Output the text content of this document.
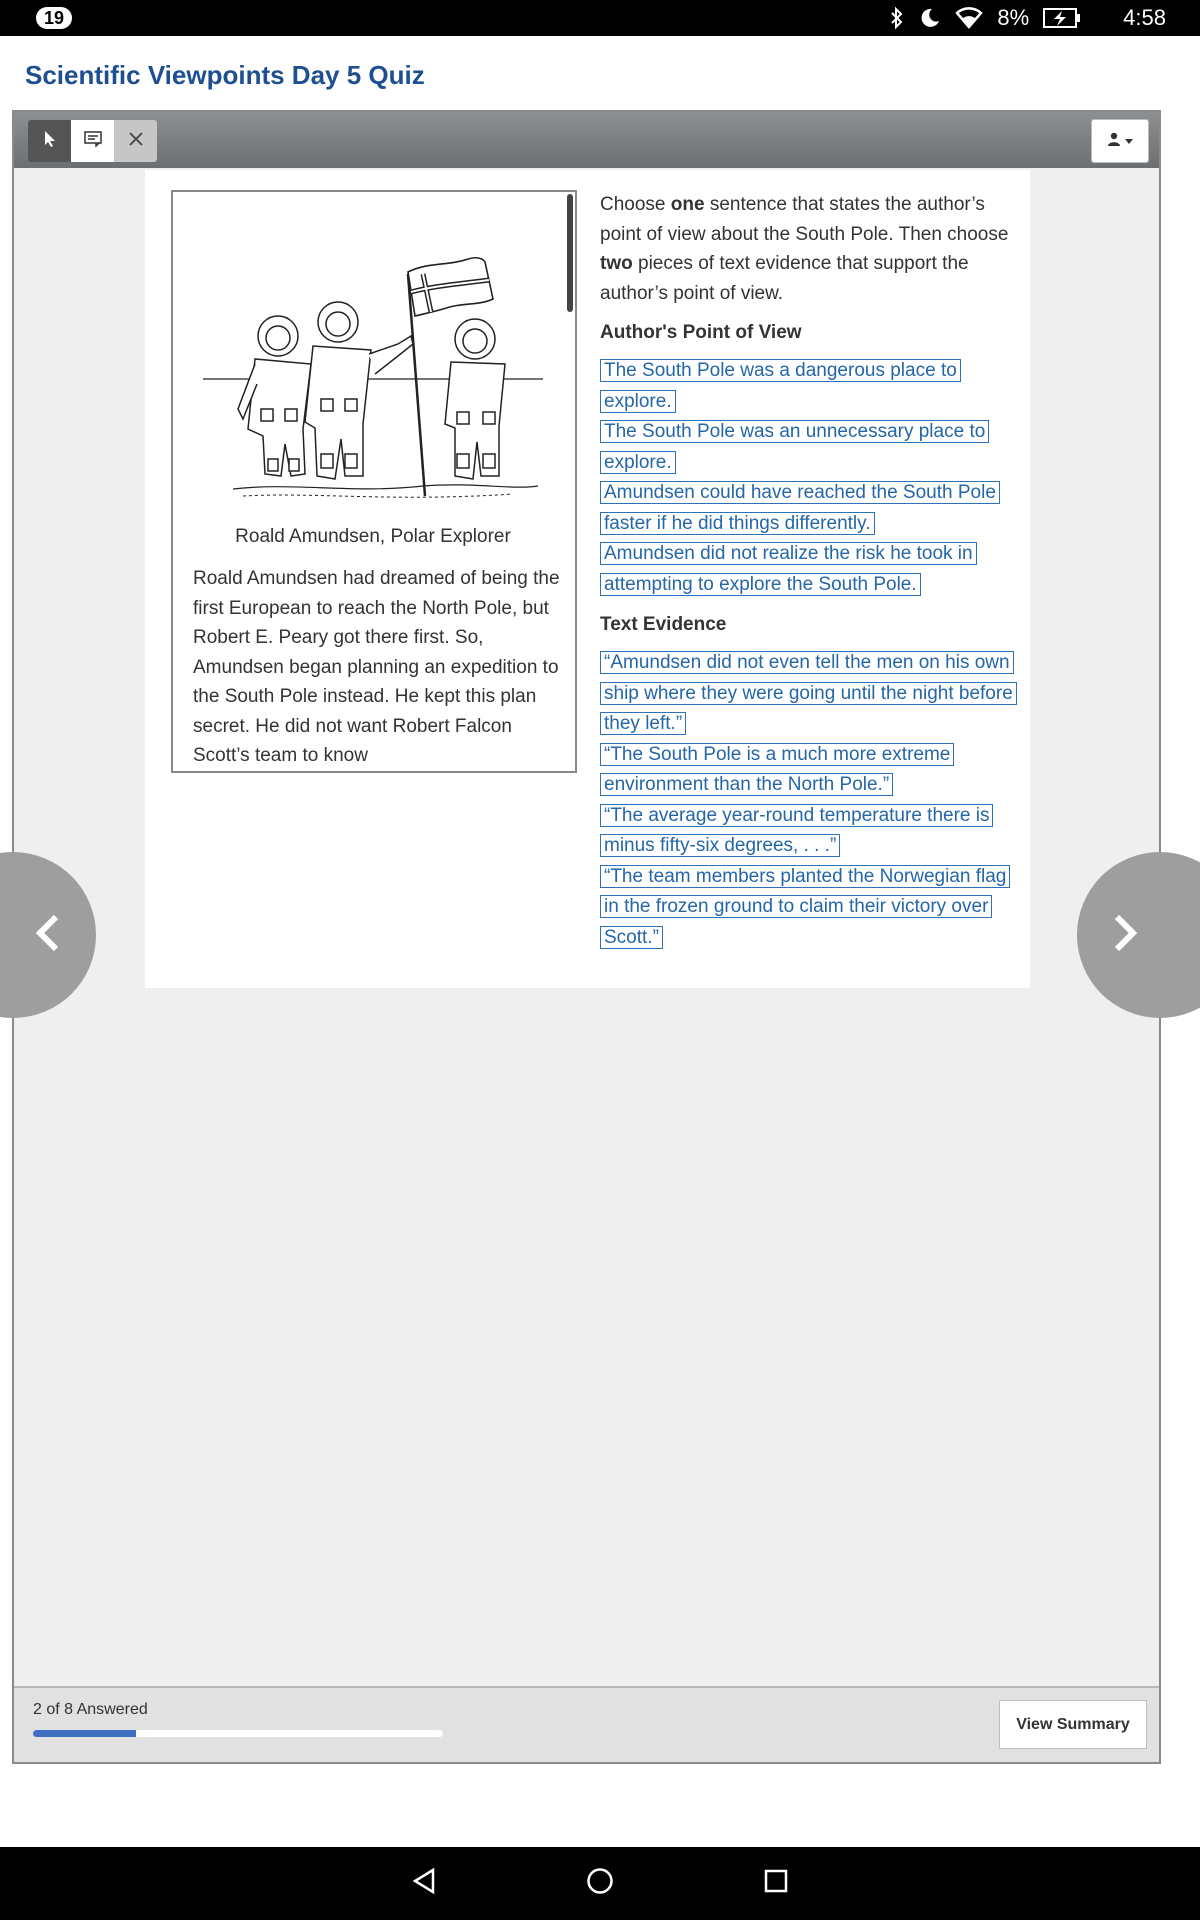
19	8%	4:58
Scientific Viewpoints Day 5 Quiz
Roald Amundsen, Polar Explorer
Roald Amundsen had dreamed of being the first European to reach the North Pole, but Robert E. Peary got there first. So, Amundsen began planning an expedition to the South Pole instead. He kept this plan secret. He did not want Robert Falcon Scott’s team to know
Choose one sentence that states the author’s point of view about the South Pole. Then choose two pieces of text evidence that support the author’s point of view.
Author's Point of View
The South Pole was a dangerous place to explore.
The South Pole was an unnecessary place to explore.
Amundsen could have reached the South Pole faster if he did things differently.
Amundsen did not realize the risk he took in attempting to explore the South Pole.
Text Evidence
“Amundsen did not even tell the men on his own ship where they were going until the night before they left.”
“The South Pole is a much more extreme environment than the North Pole.”
“The average year-round temperature there is minus fifty-six degrees, . . .”
“The team members planted the Norwegian flag in the frozen ground to claim their victory over Scott.”
2 of 8 Answered
View Summary
